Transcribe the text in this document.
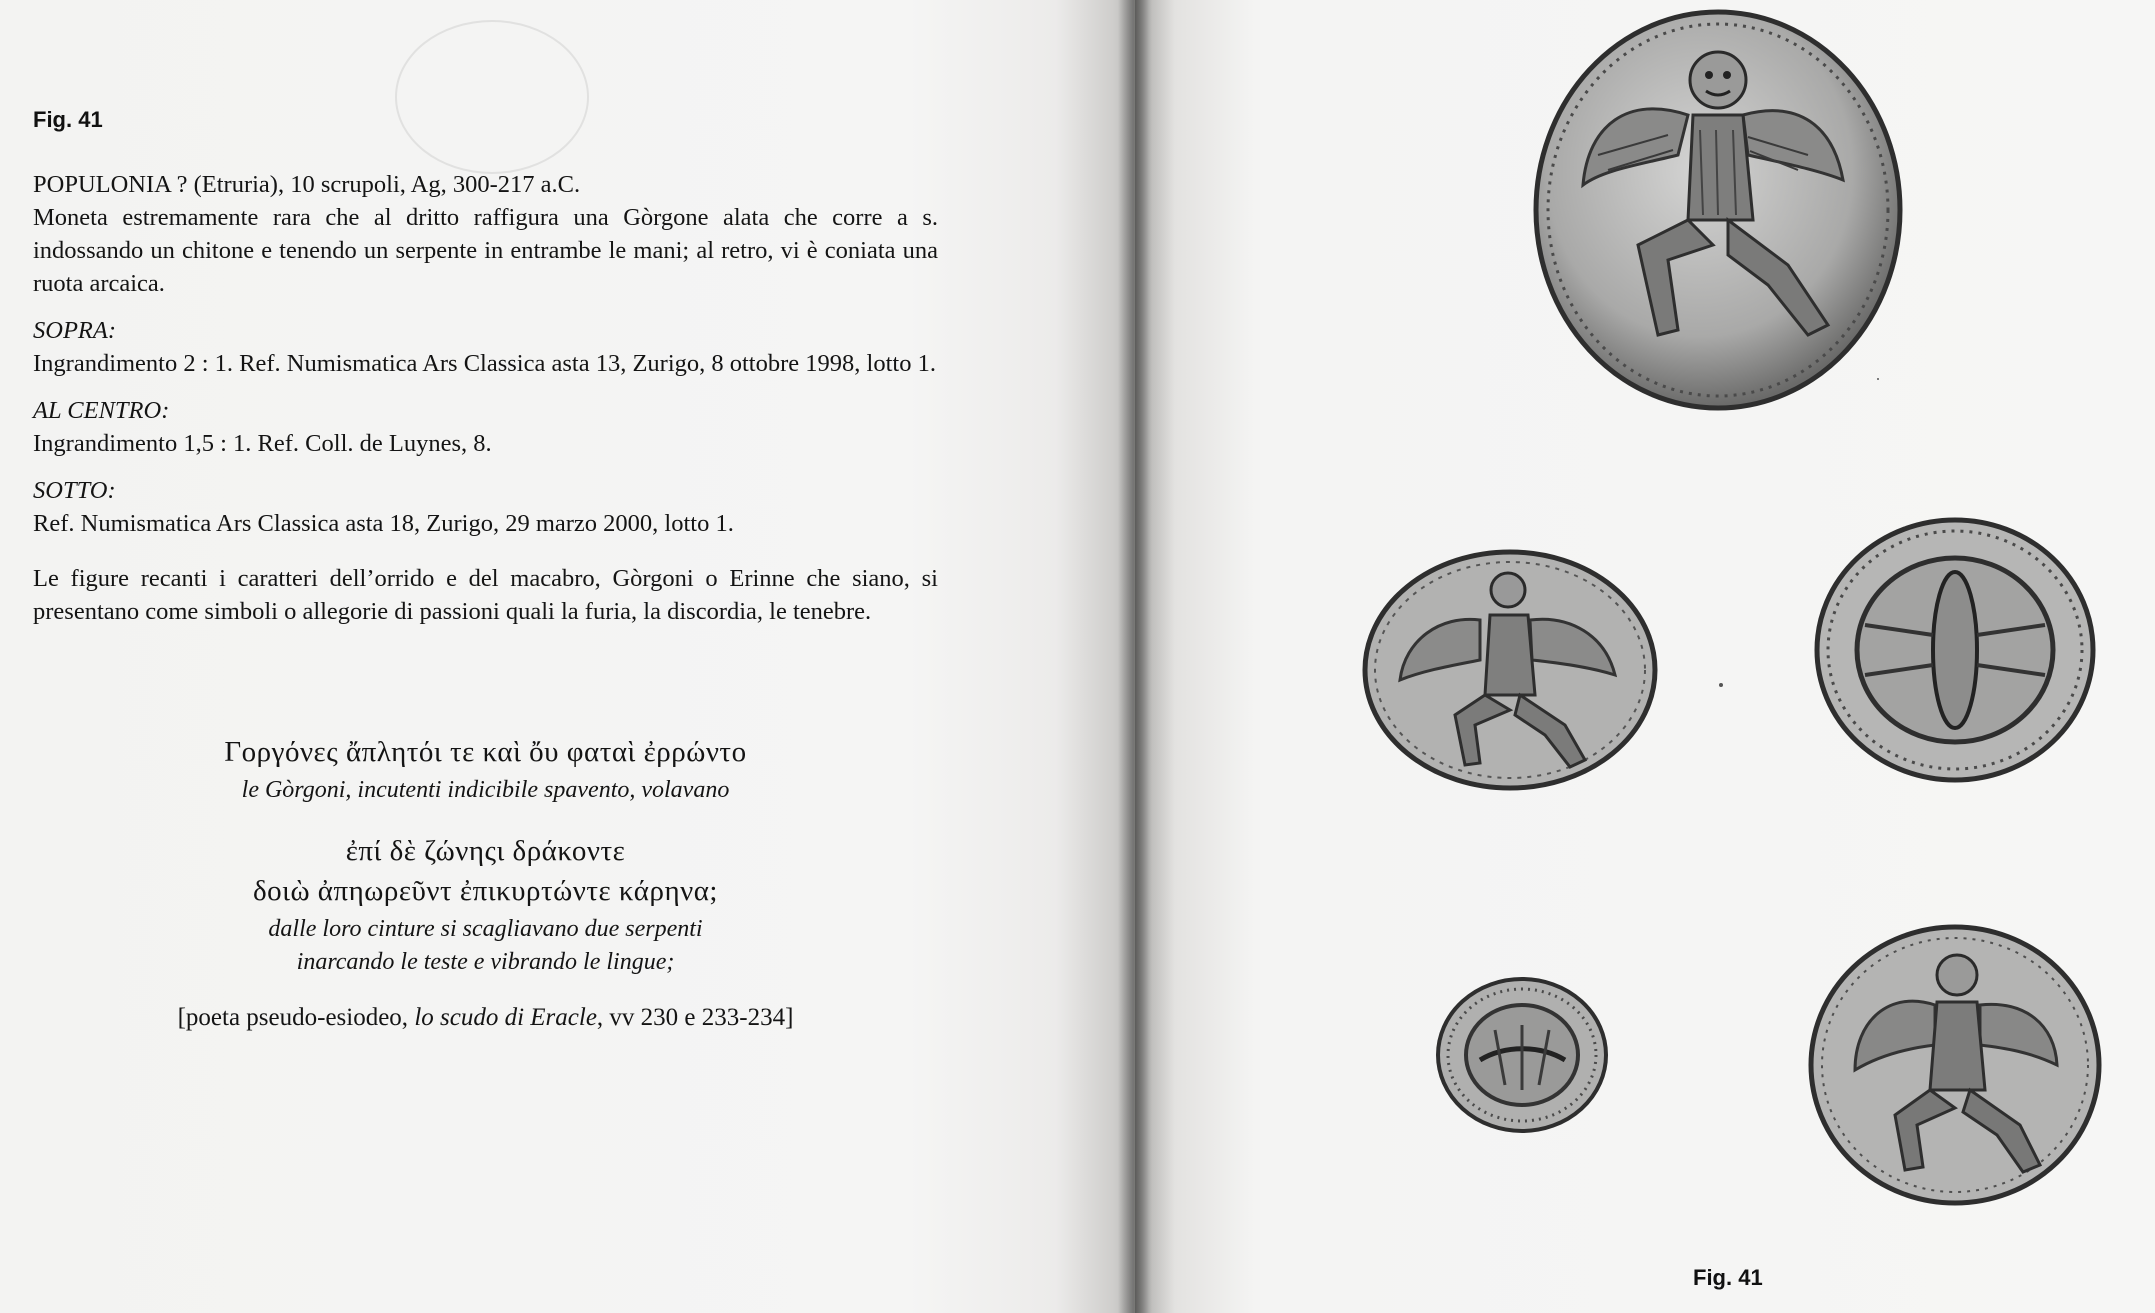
Fig. 41

POPULONIA ? (Etruria), 10 scrupoli, Ag, 300-217 a.C.

Moneta estremamente rara che al dritto raffigura una Gòrgone alata che corre a s. indossando un chitone e tenendo un serpente in entrambe le mani; al retro, vi è coniata una ruota arcaica.

SOPRA:

Ingrandimento 2 : 1. Ref. Numismatica Ars Classica asta 13, Zurigo, 8 ottobre 1998, lotto 1.

AL CENTRO:

Ingrandimento 1,5 : 1. Ref. Coll. de Luynes, 8.

SOTTO:

Ref. Numismatica Ars Classica asta 18, Zurigo, 29 marzo 2000, lotto 1.

Le figure recanti i caratteri dell’orrido e del macabro, Gòrgoni o Erinne che siano, si presentano come simboli o allegorie di passioni quali la furia, la discordia, le tenebre.

Γοργόνες ἄπλητόι τε καὶ ὄυ φαταὶ ἐρρώντο
le Gòrgoni, incutenti indicibile spavento, volavano
ἐπί δὲ ζώνηςι δράκοντε
δοιὼ ἀπηωρεῦντ ἐπικυρτώντε κάρηνα;
dalle loro cinture si scagliavano due serpenti
inarcando le teste e vibrando le lingue;
[poeta pseudo-esiodeo, lo scudo di Eracle, vv 230 e 233-234]
Fig. 41
